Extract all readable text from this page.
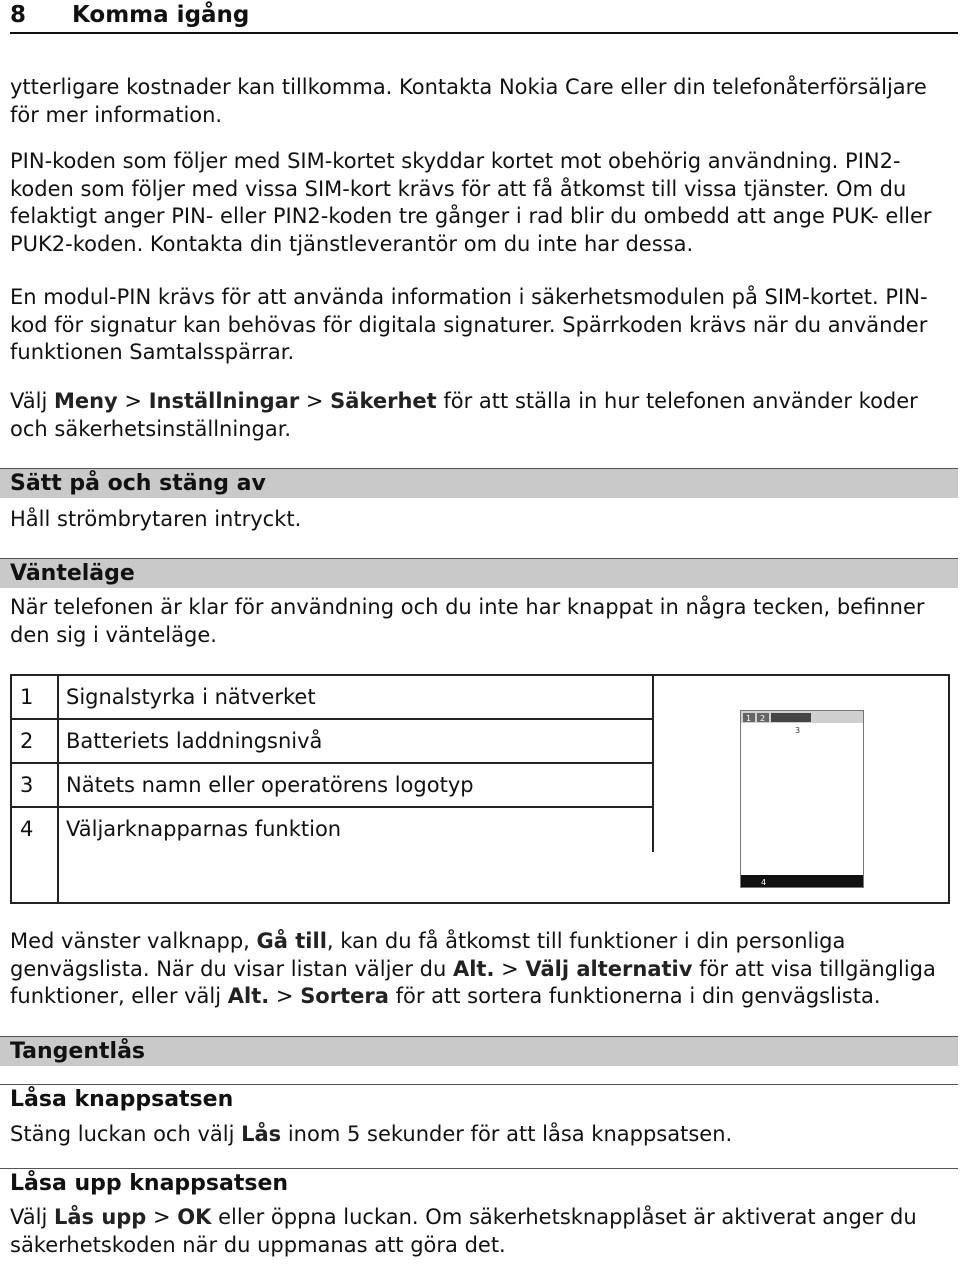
8 Komma igång

ytterligare kostnader kan tillkomma. Kontakta Nokia Care eller din telefonåterförsäljare för mer information.

PIN-koden som följer med SIM-kortet skyddar kortet mot obehörig användning. PIN2-koden som följer med vissa SIM-kort krävs för att få åtkomst till vissa tjänster. Om du felaktigt anger PIN- eller PIN2-koden tre gånger i rad blir du ombedd att ange PUK- eller PUK2-koden. Kontakta din tjänstleverantör om du inte har dessa.

En modul-PIN krävs för att använda information i säkerhetsmodulen på SIM-kortet. PIN-kod för signatur kan behövas för digitala signaturer. Spärrkoden krävs när du använder funktionen Samtalsspärrar.

Välj Meny > Inställningar > Säkerhet för att ställa in hur telefonen använder koder och säkerhetsinställningar.

Sätt på och stäng av

Håll strömbrytaren intryckt.

Vänteläge

När telefonen är klar för användning och du inte har knappat in några tecken, befinner den sig i vänteläge.

1 Signalstyrka i nätverket
2 Batteriets laddningsnivå
3 Nätets namn eller operatörens logotyp
4 Väljarknapparnas funktion
1 2
3
4

Med vänster valknapp, Gå till, kan du få åtkomst till funktioner i din personliga genvägslista. När du visar listan väljer du Alt. > Välj alternativ för att visa tillgängliga funktioner, eller välj Alt. > Sortera för att sortera funktionerna i din genvägslista.

Tangentlås
Låsa knappsatsen

Stäng luckan och välj Lås inom 5 sekunder för att låsa knappsatsen.

Låsa upp knappsatsen

Välj Lås upp > OK eller öppna luckan. Om säkerhetsknapplåset är aktiverat anger du säkerhetskoden när du uppmanas att göra det.
